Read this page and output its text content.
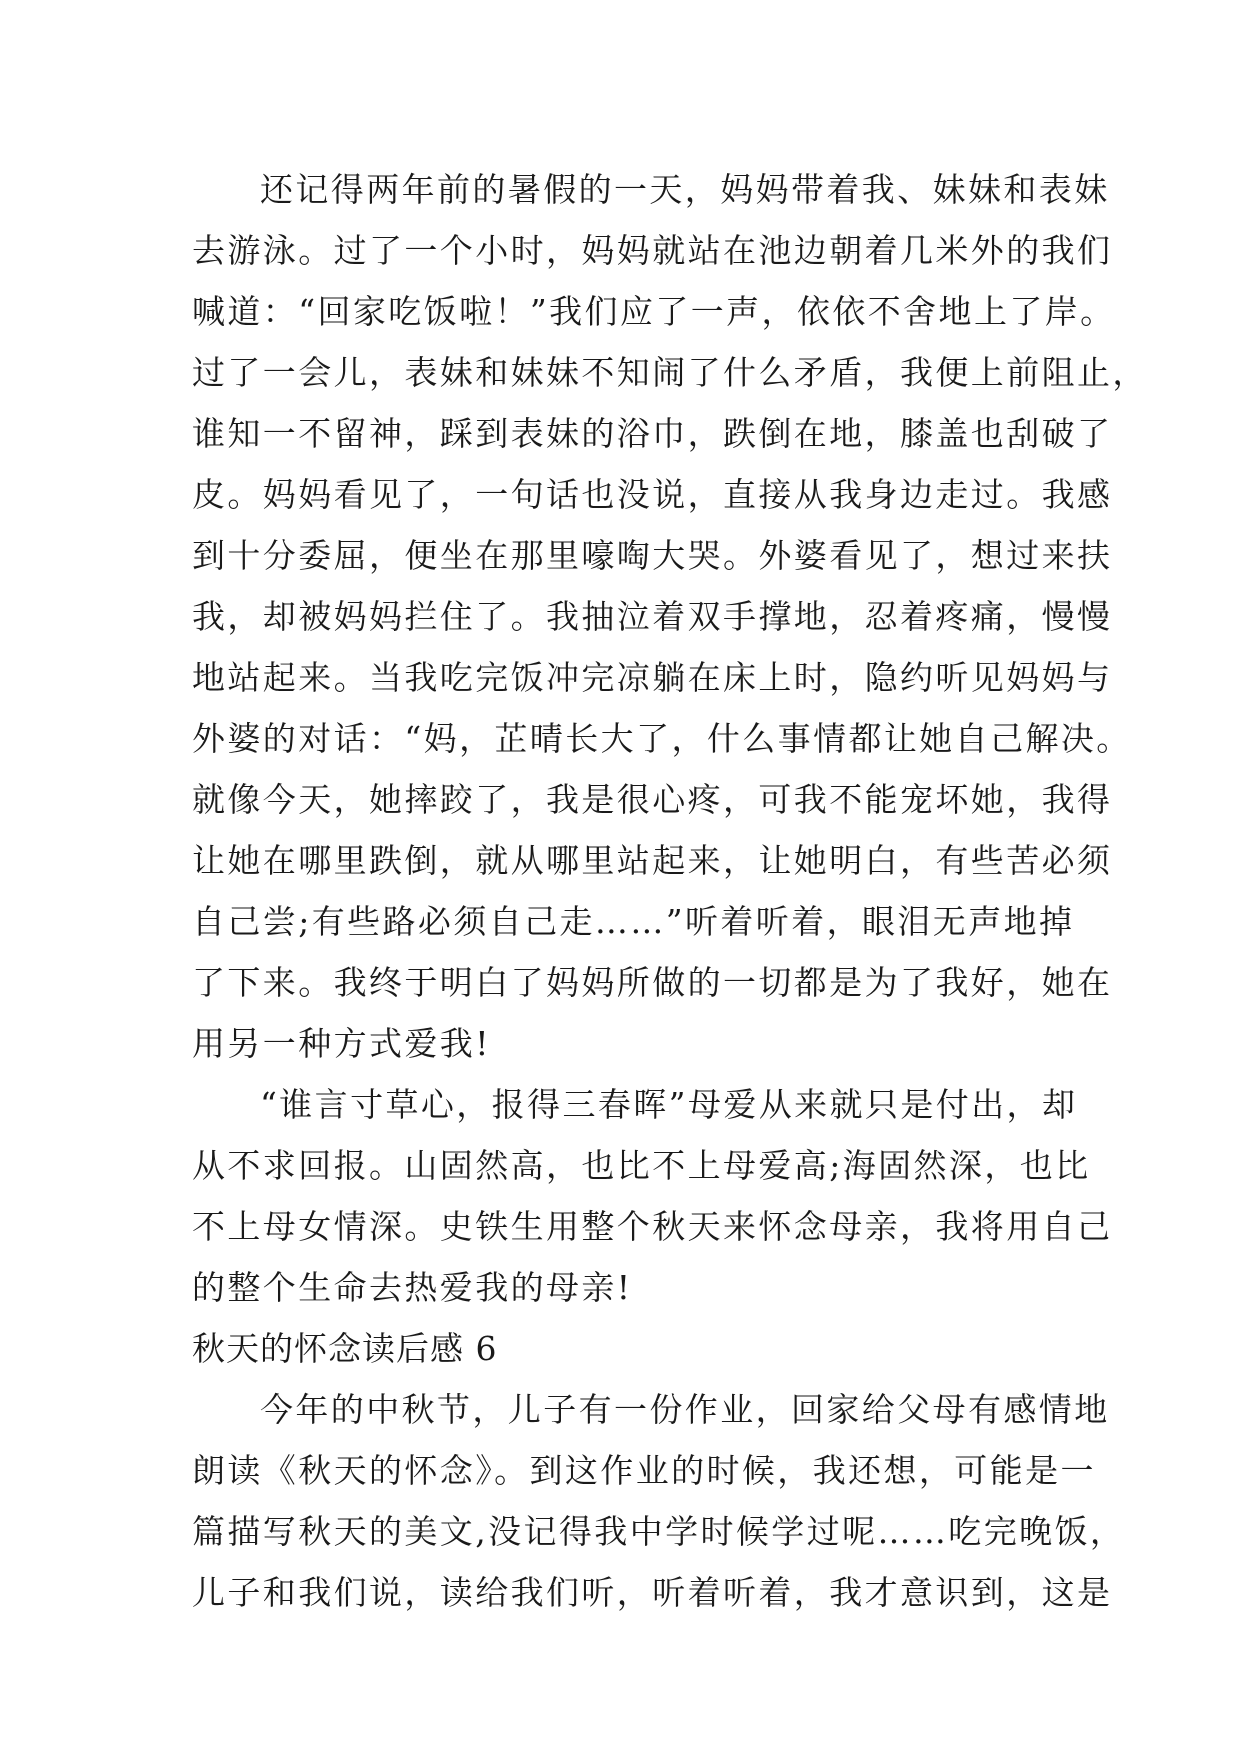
还记得两年前的暑假的一天，妈妈带着我、妹妹和表妹
去游泳。过了一个小时，妈妈就站在池边朝着几米外的我们
喊道：“回家吃饭啦！”我们应了一声，依依不舍地上了岸。
过了一会儿，表妹和妹妹不知闹了什么矛盾，我便上前阻止，
谁知一不留神，踩到表妹的浴巾，跌倒在地，膝盖也刮破了
皮。妈妈看见了，一句话也没说，直接从我身边走过。我感
到十分委屈，便坐在那里嚎啕大哭。外婆看见了，想过来扶
我，却被妈妈拦住了。我抽泣着双手撑地，忍着疼痛，慢慢
地站起来。当我吃完饭冲完凉躺在床上时，隐约听见妈妈与
外婆的对话：“妈，芷晴长大了，什么事情都让她自己解决。
就像今天，她摔跤了，我是很心疼，可我不能宠坏她，我得
让她在哪里跌倒，就从哪里站起来，让她明白，有些苦必须
自己尝;有些路必须自己走……”听着听着，眼泪无声地掉
了下来。我终于明白了妈妈所做的一切都是为了我好，她在
用另一种方式爱我!

“谁言寸草心，报得三春晖”母爱从来就只是付出，却
从不求回报。山固然高，也比不上母爱高;海固然深，也比
不上母女情深。史铁生用整个秋天来怀念母亲，我将用自己
的整个生命去热爱我的母亲!

秋天的怀念读后感 6

今年的中秋节，儿子有一份作业，回家给父母有感情地
朗读《秋天的怀念》。到这作业的时候，我还想，可能是一
篇描写秋天的美文,没记得我中学时候学过呢……吃完晚饭，
儿子和我们说，读给我们听，听着听着，我才意识到，这是
